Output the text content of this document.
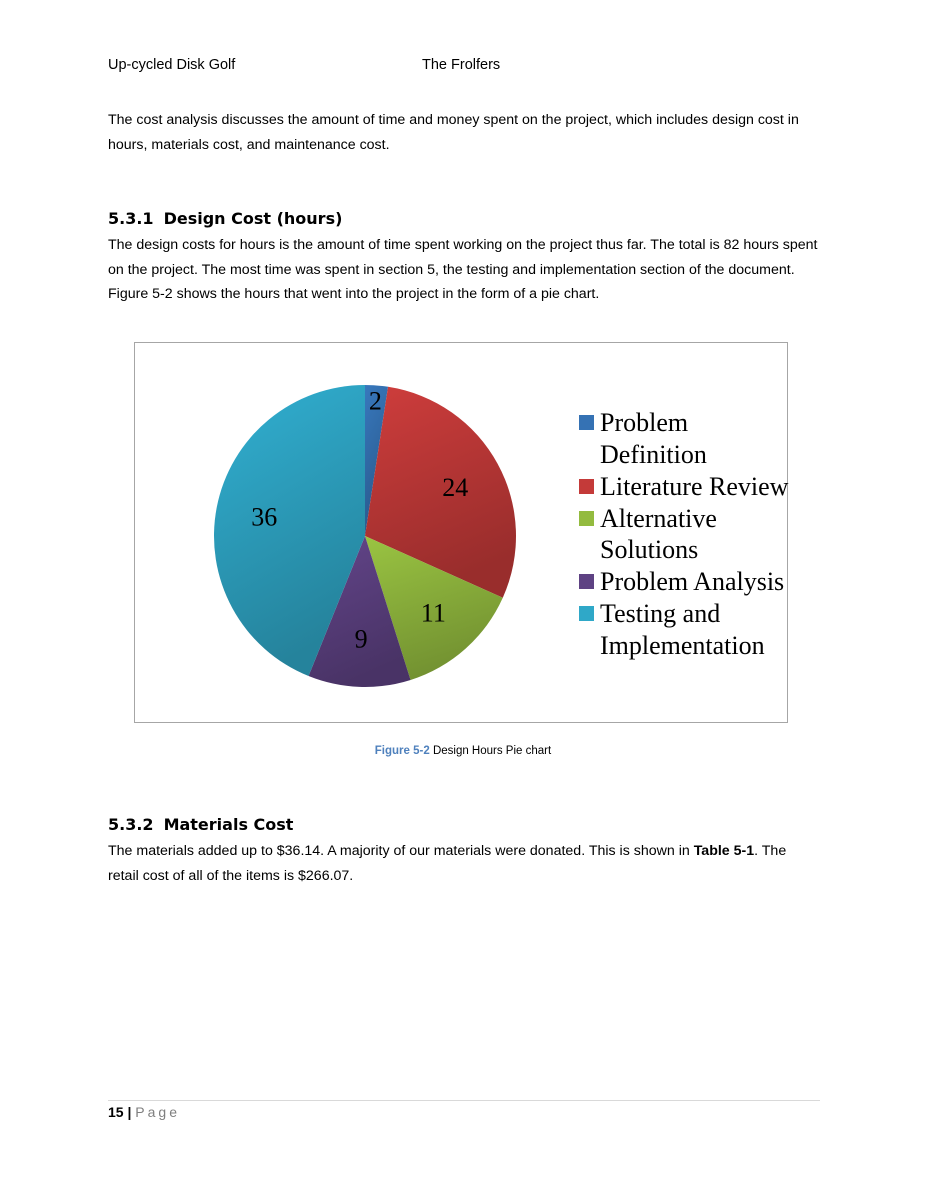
Up-cycled Disk Golf	The Frolfers
The cost analysis discusses the amount of time and money spent on the project, which includes design cost in hours, materials cost, and maintenance cost.
5.3.1 Design Cost (hours)
The design costs for hours is the amount of time spent working on the project thus far. The total is 82 hours spent on the project. The most time was spent in section 5, the testing and implementation section of the document. Figure 5-2 shows the hours that went into the project in the form of a pie chart.
2
24
11
9
36
Problem Definition
Literature Review
Alternative Solutions
Problem Analysis
Testing and Implementation
Figure 5-2 Design Hours Pie chart
5.3.2 Materials Cost
The materials added up to $36.14. A majority of our materials were donated. This is shown in Table 5-1. The retail cost of all of the items is $266.07.
15 | Page
